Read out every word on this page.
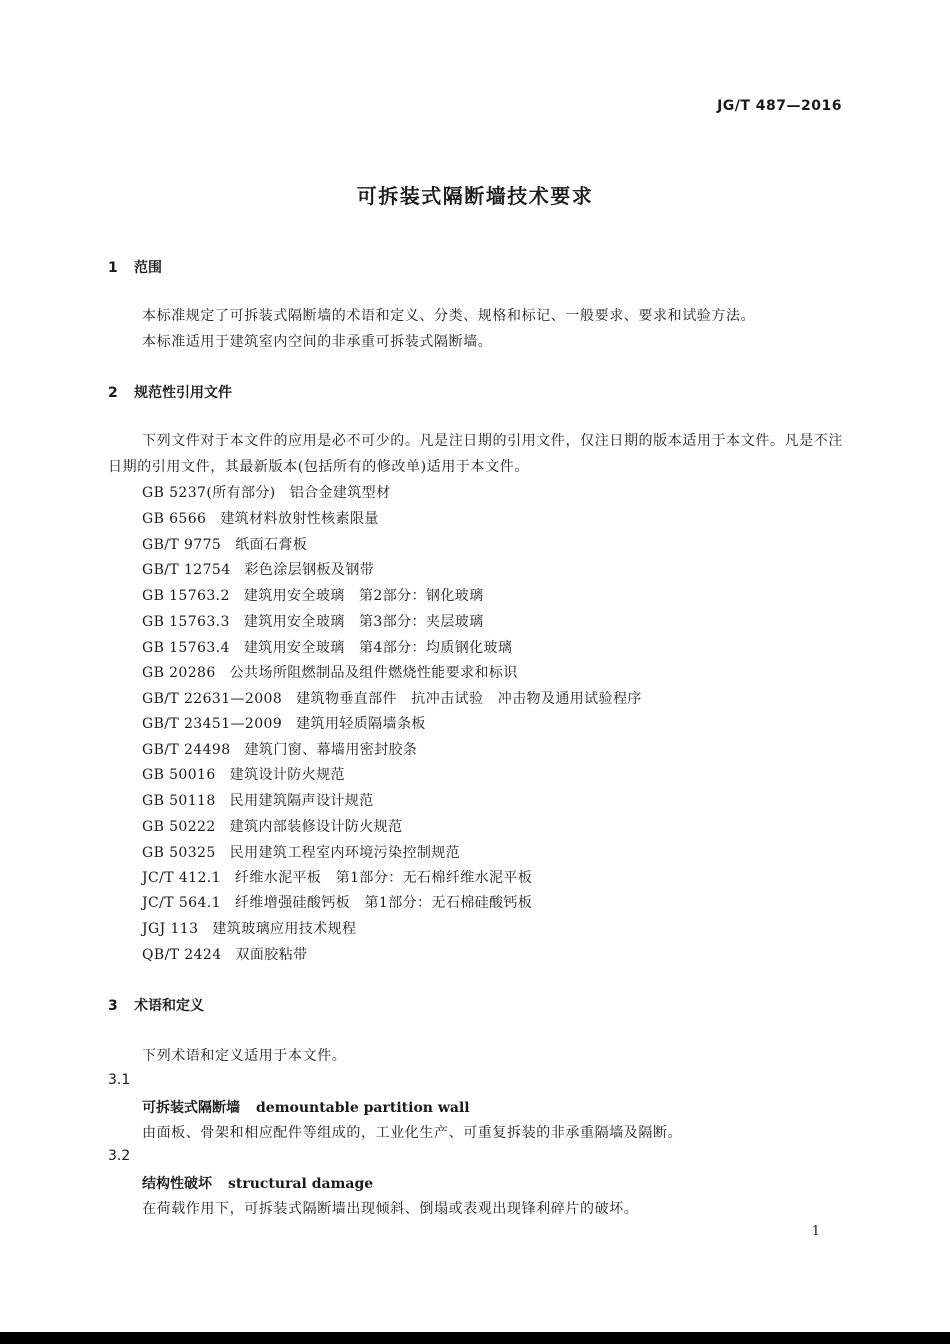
JG/T 487—2016
可拆装式隔断墙技术要求
1 范围
本标准规定了可拆装式隔断墙的术语和定义、分类、规格和标记、一般要求、要求和试验方法。
本标准适用于建筑室内空间的非承重可拆装式隔断墙。
2 规范性引用文件
下列文件对于本文件的应用是必不可少的。凡是注日期的引用文件，仅注日期的版本适用于本文件。凡是不注日期的引用文件，其最新版本(包括所有的修改单)适用于本文件。
GB 5237(所有部分) 铝合金建筑型材
GB 6566 建筑材料放射性核素限量
GB/T 9775 纸面石膏板
GB/T 12754 彩色涂层钢板及钢带
GB 15763.2 建筑用安全玻璃　第2部分：钢化玻璃
GB 15763.3 建筑用安全玻璃　第3部分：夹层玻璃
GB 15763.4 建筑用安全玻璃　第4部分：均质钢化玻璃
GB 20286 公共场所阻燃制品及组件燃烧性能要求和标识
GB/T 22631—2008 建筑物垂直部件　抗冲击试验　冲击物及通用试验程序
GB/T 23451—2009 建筑用轻质隔墙条板
GB/T 24498 建筑门窗、幕墙用密封胶条
GB 50016 建筑设计防火规范
GB 50118 民用建筑隔声设计规范
GB 50222 建筑内部装修设计防火规范
GB 50325 民用建筑工程室内环境污染控制规范
JC/T 412.1 纤维水泥平板　第1部分：无石棉纤维水泥平板
JC/T 564.1 纤维增强硅酸钙板　第1部分：无石棉硅酸钙板
JGJ 113 建筑玻璃应用技术规程
QB/T 2424 双面胶粘带
3 术语和定义
下列术语和定义适用于本文件。
3.1
可拆装式隔断墙 demountable partition wall
由面板、骨架和相应配件等组成的，工业化生产、可重复拆装的非承重隔墙及隔断。
3.2
结构性破坏 structural damage
在荷载作用下，可拆装式隔断墙出现倾斜、倒塌或表观出现锋利碎片的破坏。
1
